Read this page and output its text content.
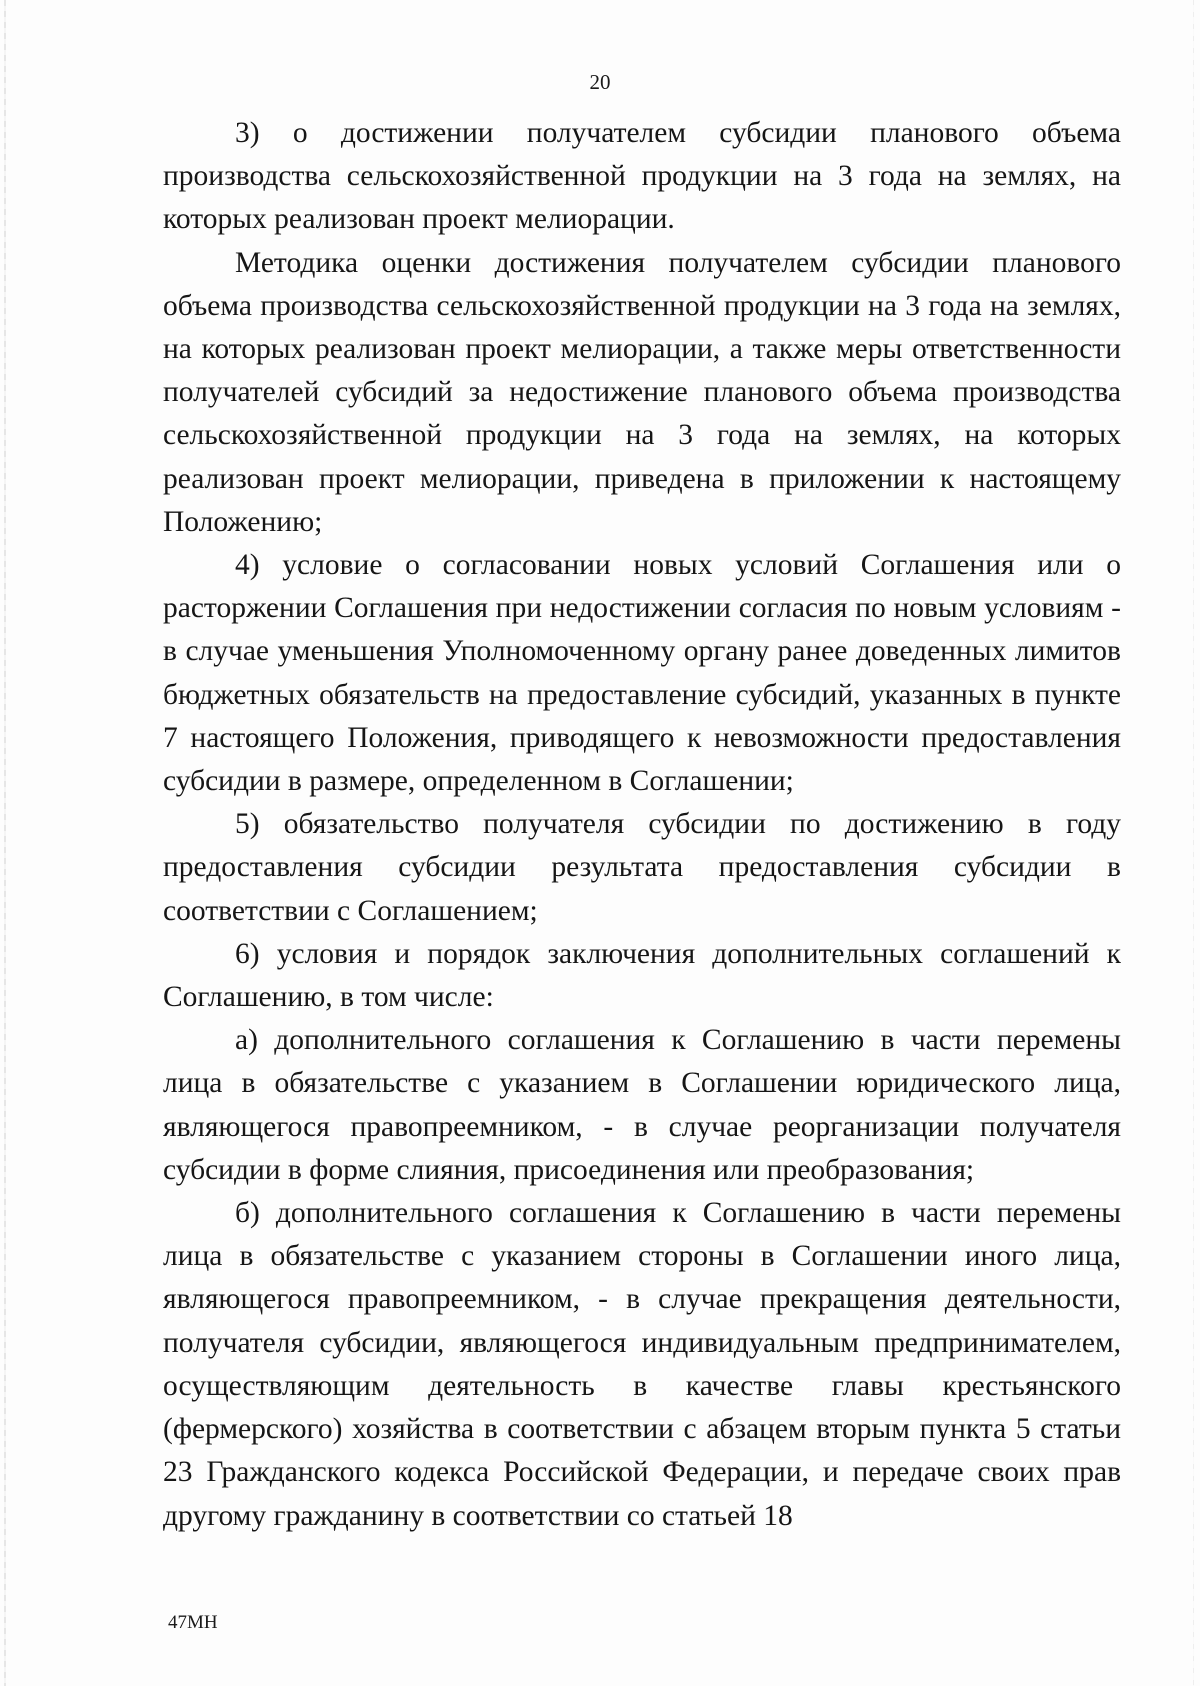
20

3) о достижении получателем субсидии планового объема производства сельскохозяйственной продукции на 3 года на землях, на которых реализован проект мелиорации.

Методика оценки достижения получателем субсидии планового объема производства сельскохозяйственной продукции на 3 года на землях, на которых реализован проект мелиорации, а также меры ответственности получателей субсидий за недостижение планового объема производства сельскохозяйственной продукции на 3 года на землях, на которых реализован проект мелиорации, приведена в приложении к настоящему Положению;

4) условие о согласовании новых условий Соглашения или о расторжении Соглашения при недостижении согласия по новым условиям - в случае уменьшения Уполномоченному органу ранее доведенных лимитов бюджетных обязательств на предоставление субсидий, указанных в пункте 7 настоящего Положения, приводящего к невозможности предоставления субсидии в размере, определенном в Соглашении;

5) обязательство получателя субсидии по достижению в году предоставления субсидии результата предоставления субсидии в соответствии с Соглашением;

6) условия и порядок заключения дополнительных соглашений к Соглашению, в том числе:

а) дополнительного соглашения к Соглашению в части перемены лица в обязательстве с указанием в Соглашении юридического лица, являющегося правопреемником, - в случае реорганизации получателя субсидии в форме слияния, присоединения или преобразования;

б) дополнительного соглашения к Соглашению в части перемены лица в обязательстве с указанием стороны в Соглашении иного лица, являющегося правопреемником, - в случае прекращения деятельности, получателя субсидии, являющегося индивидуальным предпринимателем, осуществляющим деятельность в качестве главы крестьянского (фермерского) хозяйства в соответствии с абзацем вторым пункта 5 статьи 23 Гражданского кодекса Российской Федерации, и передаче своих прав другому гражданину в соответствии со статьей 18

47МН
